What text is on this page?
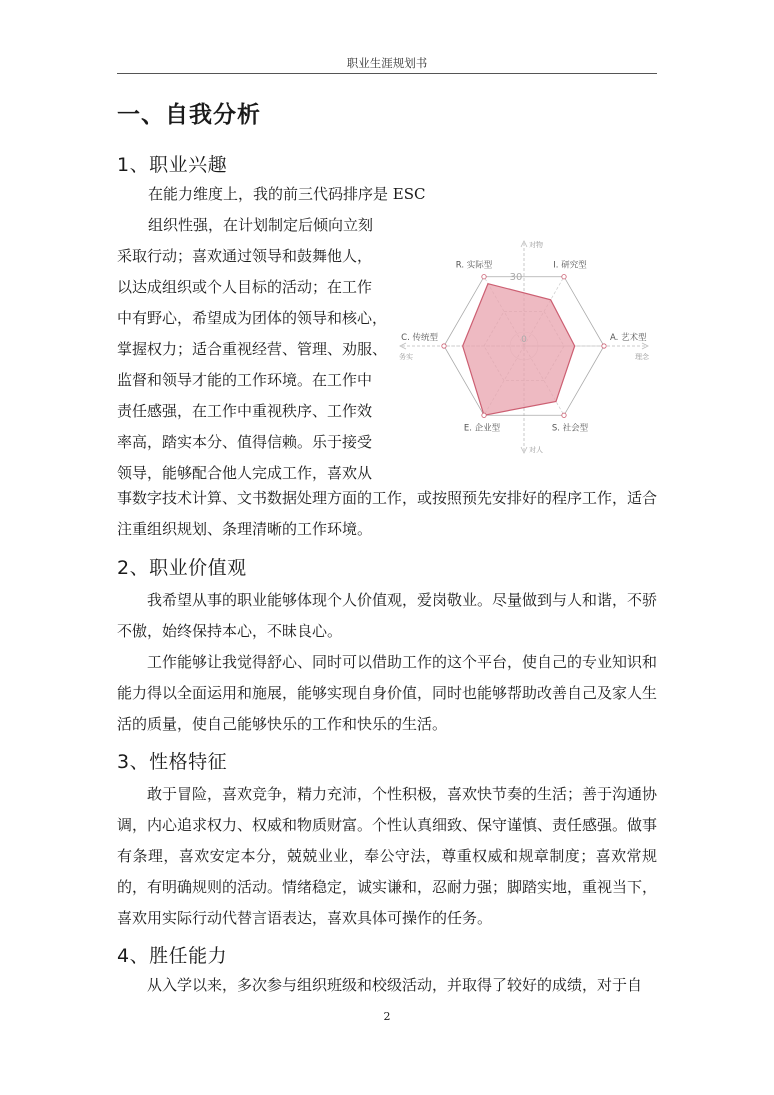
职业生涯规划书
一、自我分析
1、职业兴趣
在能力维度上，我的前三代码排序是 ESC
组织性强，在计划制定后倾向立刻
采取行动；喜欢通过领导和鼓舞他人，
以达成组织或个人目标的活动；在工作
中有野心，希望成为团体的领导和核心，
掌握权力；适合重视经营、管理、劝服、
监督和领导才能的工作环境。在工作中
责任感强，在工作中重视秩序、工作效
率高，踏实本分、值得信赖。乐于接受
领导，能够配合他人完成工作，喜欢从

事数字技术计算、文书数据处理方面的工作，或按照预先安排好的程序工作，适合注重组织规划、条理清晰的工作环境。

R. 实际型	I. 研究型
A. 艺术型
S. 社会型
E. 企业型
C. 传统型
对物
对人
务实	理念
0
30
2、职业价值观

我希望从事的职业能够体现个人价值观，爱岗敬业。尽量做到与人和谐，不骄不傲，始终保持本心，不昧良心。

工作能够让我觉得舒心、同时可以借助工作的这个平台，使自己的专业知识和能力得以全面运用和施展，能够实现自身价值，同时也能够帮助改善自己及家人生活的质量，使自己能够快乐的工作和快乐的生活。

3、性格特征

敢于冒险，喜欢竞争，精力充沛，个性积极，喜欢快节奏的生活；善于沟通协调，内心追求权力、权威和物质财富。个性认真细致、保守谨慎、责任感强。做事有条理，喜欢安定本分，兢兢业业，奉公守法，尊重权威和规章制度；喜欢常规的，有明确规则的活动。情绪稳定，诚实谦和，忍耐力强；脚踏实地，重视当下，喜欢用实际行动代替言语表达，喜欢具体可操作的任务。

4、胜任能力

从入学以来，多次参与组织班级和校级活动，并取得了较好的成绩，对于自

2
